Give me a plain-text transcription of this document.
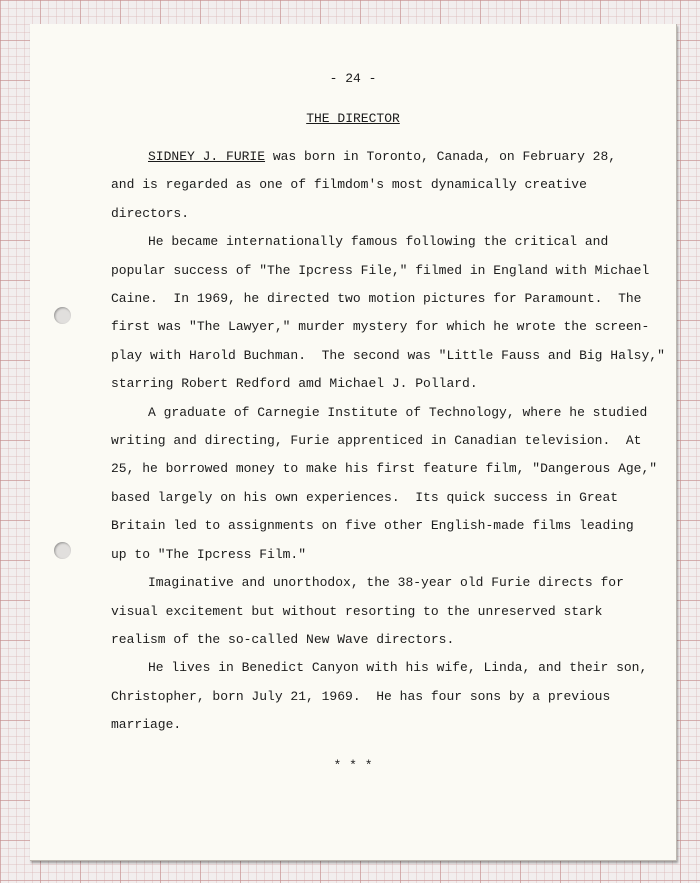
- 24 -

THE DIRECTOR
SIDNEY J. FURIE was born in Toronto, Canada, on February 28,
and is regarded as one of filmdom's most dynamically creative
directors.
He became internationally famous following the critical and
popular success of "The Ipcress File," filmed in England with Michael
Caine.  In 1969, he directed two motion pictures for Paramount.  The
first was "The Lawyer," murder mystery for which he wrote the screen-
play with Harold Buchman.  The second was "Little Fauss and Big Halsy,"
starring Robert Redford amd Michael J. Pollard.
A graduate of Carnegie Institute of Technology, where he studied
writing and directing, Furie apprenticed in Canadian television.  At
25, he borrowed money to make his first feature film, "Dangerous Age,"
based largely on his own experiences.  Its quick success in Great
Britain led to assignments on five other English-made films leading
up to "The Ipcress Film."
Imaginative and unorthodox, the 38-year old Furie directs for
visual excitement but without resorting to the unreserved stark
realism of the so-called New Wave directors.
He lives in Benedict Canyon with his wife, Linda, and their son,
Christopher, born July 21, 1969.  He has four sons by a previous
marriage.

* * *
